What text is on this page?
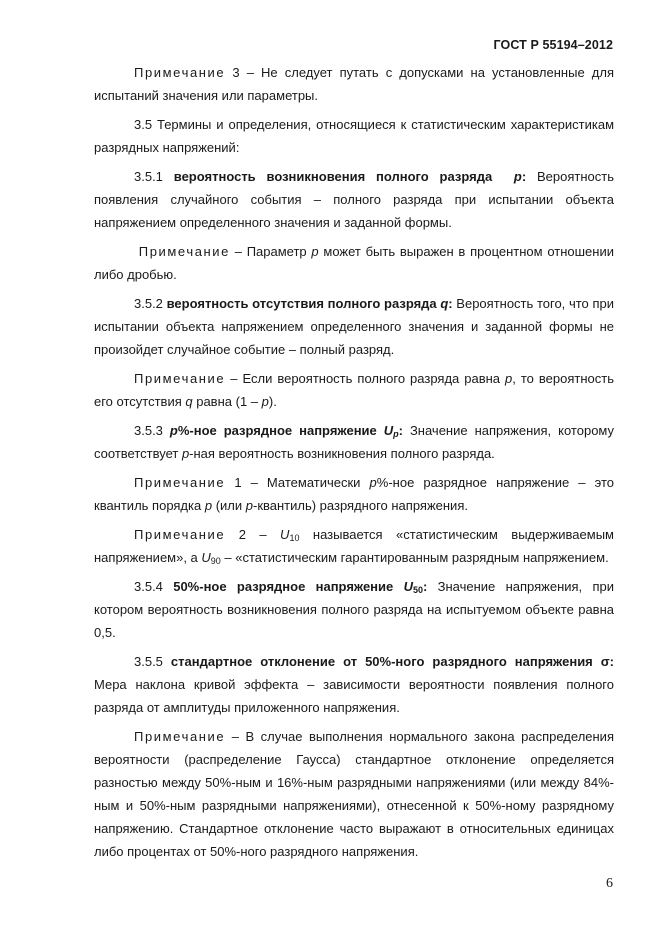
ГОСТ Р 55194–2012

Примечание 3 – Не следует путать с допусками на установленные для испытаний значения или параметры.

3.5 Термины и определения, относящиеся к статистическим характеристикам разрядных напряжений:

3.5.1 вероятность возникновения полного разряда p: Вероятность появления случайного события – полного разряда при испытании объекта напряжением определенного значения и заданной формы.

Примечание – Параметр p может быть выражен в процентном отношении либо дробью.

3.5.2 вероятность отсутствия полного разряда q: Вероятность того, что при испытании объекта напряжением определенного значения и заданной формы не произойдет случайное событие – полный разряд.

Примечание – Если вероятность полного разряда равна p, то вероятность его отсутствия q равна (1 – p).

3.5.3 p%-ное разрядное напряжение $U_p$: Значение напряжения, которому соответствует p-ная вероятность возникновения полного разряда.

Примечание 1 – Математически p%-ное разрядное напряжение – это квантиль порядка p (или p-квантиль) разрядного напряжения.

Примечание $2 - U_{10}$ называется «статистическим выдерживаемым напряжением», а $U_{90}$ – «статистическим гарантированным разрядным напряжением.

3.5.4 50%-ное разрядное напряжение $U_{50}$: Значение напряжения, при котором вероятность возникновения полного разряда на испытуемом объекте равна 0,5.

3.5.5 стандартное отклонение от 50%-ного разрядного напряжения σ: Мера наклона кривой эффекта – зависимости вероятности появления полного разряда от амплитуды приложенного напряжения.

Примечание – В случае выполнения нормального закона распределения вероятности (распределение Гаусса) стандартное отклонение определяется разностью между 50%-ным и 16%-ным разрядными напряжениями (или между 84%-ным и 50%-ным разрядными напряжениями), отнесенной к 50%-ному разрядному напряжению. Стандартное отклонение часто выражают в относительных единицах либо процентах от 50%-ного разрядного напряжения.

6
